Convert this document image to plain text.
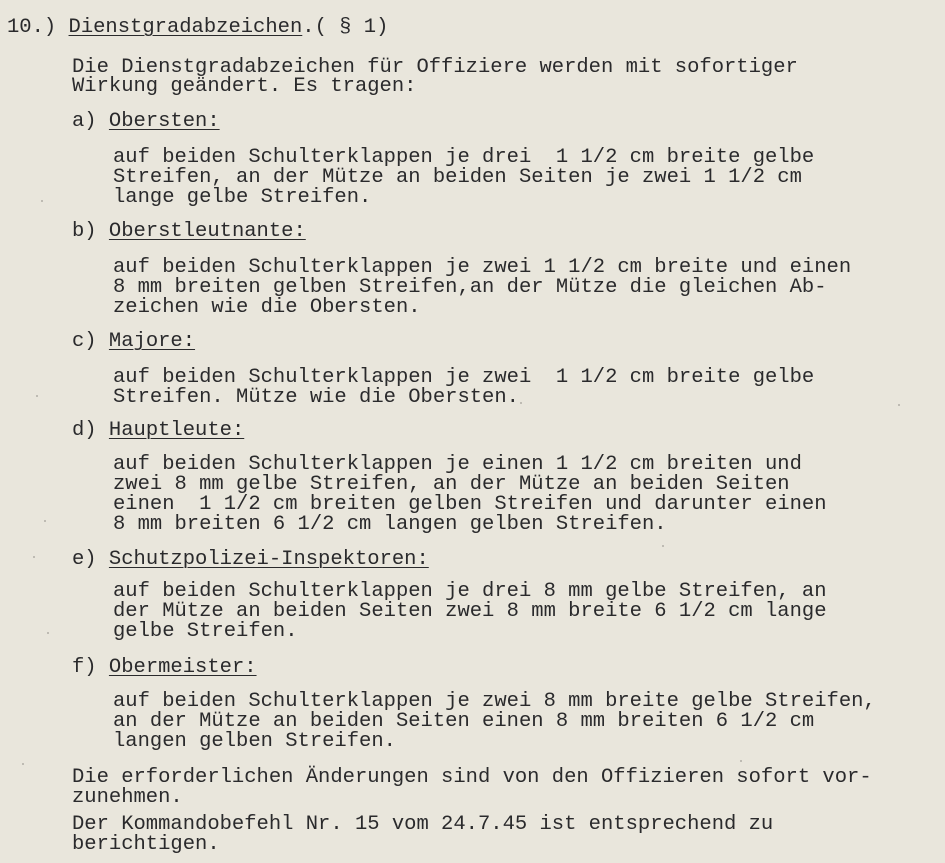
10.) Dienstgradabzeichen.( § 1)
Die Dienstgradabzeichen für Offiziere werden mit sofortiger
Wirkung geändert. Es tragen:
a) Obersten:
auf beiden Schulterklappen je drei  1 1/2 cm breite gelbe
Streifen, an der Mütze an beiden Seiten je zwei 1 1/2 cm
lange gelbe Streifen.
b) Oberstleutnante:
auf beiden Schulterklappen je zwei 1 1/2 cm breite und einen
8 mm breiten gelben Streifen,an der Mütze die gleichen Ab-
zeichen wie die Obersten.
c) Majore:
auf beiden Schulterklappen je zwei  1 1/2 cm breite gelbe
Streifen. Mütze wie die Obersten.
d) Hauptleute:
auf beiden Schulterklappen je einen 1 1/2 cm breiten und
zwei 8 mm gelbe Streifen, an der Mütze an beiden Seiten
einen  1 1/2 cm breiten gelben Streifen und darunter einen
8 mm breiten 6 1/2 cm langen gelben Streifen.
e) Schutzpolizei-Inspektoren:
auf beiden Schulterklappen je drei 8 mm gelbe Streifen, an
der Mütze an beiden Seiten zwei 8 mm breite 6 1/2 cm lange
gelbe Streifen.
f) Obermeister:
auf beiden Schulterklappen je zwei 8 mm breite gelbe Streifen,
an der Mütze an beiden Seiten einen 8 mm breiten 6 1/2 cm
langen gelben Streifen.
Die erforderlichen Änderungen sind von den Offizieren sofort vor-
zunehmen.
Der Kommandobefehl Nr. 15 vom 24.7.45 ist entsprechend zu
berichtigen.
